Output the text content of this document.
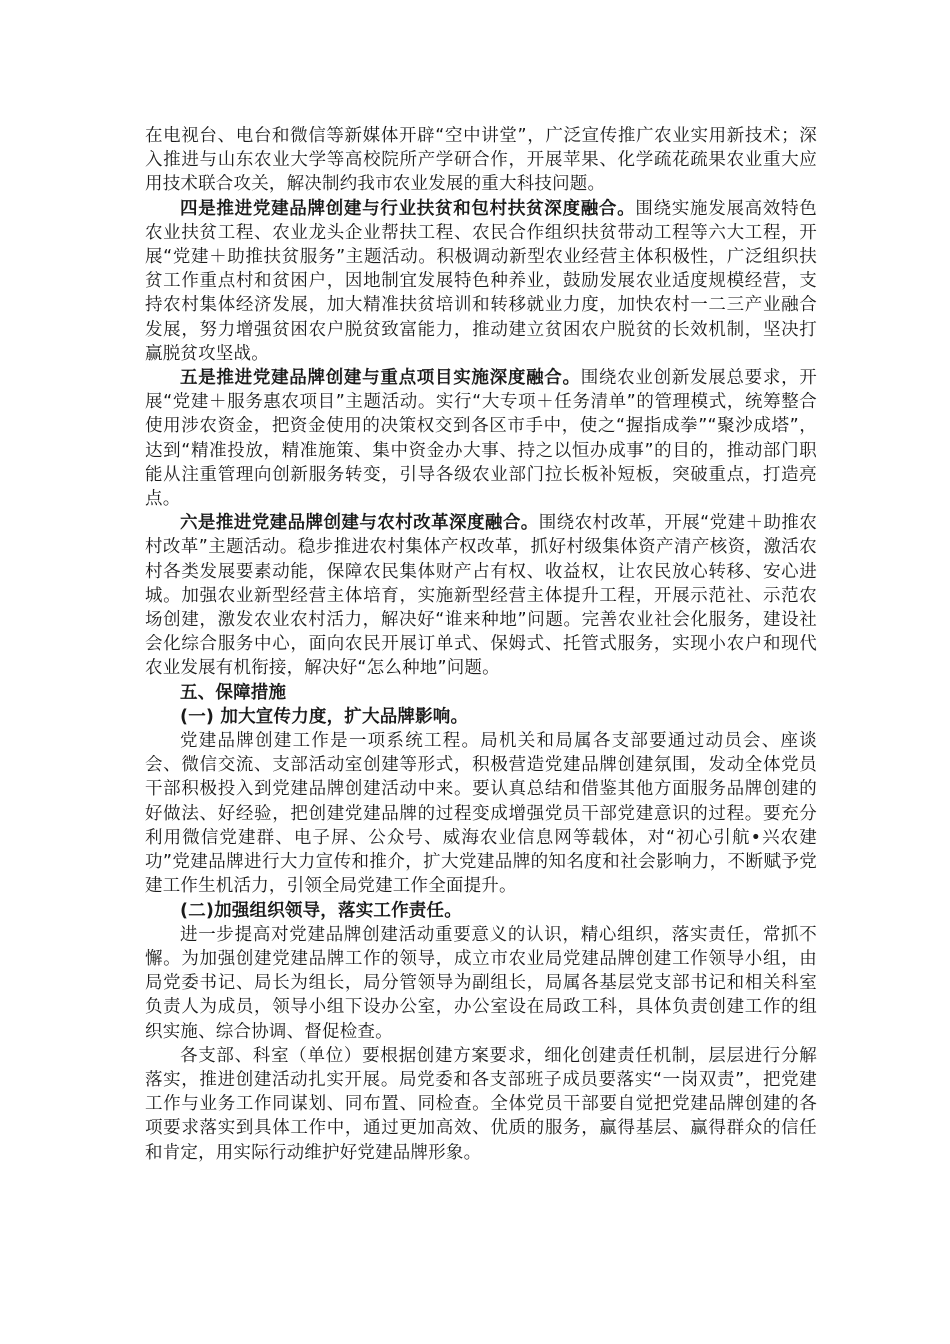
在电视台、电台和微信等新媒体开辟“空中讲堂”，广泛宣传推广农业实用新技术；深入推进与山东农业大学等高校院所产学研合作，开展苹果、化学疏花疏果农业重大应用技术联合攻关，解决制约我市农业发展的重大科技问题。

四是推进党建品牌创建与行业扶贫和包村扶贫深度融合。围绕实施发展高效特色农业扶贫工程、农业龙头企业帮扶工程、农民合作组织扶贫带动工程等六大工程，开展“党建＋助推扶贫服务”主题活动。积极调动新型农业经营主体积极性，广泛组织扶贫工作重点村和贫困户，因地制宜发展特色种养业，鼓励发展农业适度规模经营，支持农村集体经济发展，加大精准扶贫培训和转移就业力度，加快农村一二三产业融合发展，努力增强贫困农户脱贫致富能力，推动建立贫困农户脱贫的长效机制，坚决打赢脱贫攻坚战。

五是推进党建品牌创建与重点项目实施深度融合。围绕农业创新发展总要求，开展“党建＋服务惠农项目”主题活动。实行“大专项＋任务清单”的管理模式，统筹整合使用涉农资金，把资金使用的决策权交到各区市手中，使之“握指成拳”“聚沙成塔”，达到“精准投放，精准施策、集中资金办大事、持之以恒办成事”的目的，推动部门职能从注重管理向创新服务转变，引导各级农业部门拉长板补短板，突破重点，打造亮点。

六是推进党建品牌创建与农村改革深度融合。围绕农村改革，开展“党建＋助推农村改革”主题活动。稳步推进农村集体产权改革，抓好村级集体资产清产核资，激活农村各类发展要素动能，保障农民集体财产占有权、收益权，让农民放心转移、安心进城。加强农业新型经营主体培育，实施新型经营主体提升工程，开展示范社、示范农场创建，激发农业农村活力，解决好“谁来种地”问题。完善农业社会化服务，建设社会化综合服务中心，面向农民开展订单式、保姆式、托管式服务，实现小农户和现代农业发展有机衔接，解决好“怎么种地”问题。

五、保障措施

(一) 加大宣传力度，扩大品牌影响。

党建品牌创建工作是一项系统工程。局机关和局属各支部要通过动员会、座谈会、微信交流、支部活动室创建等形式，积极营造党建品牌创建氛围，发动全体党员干部积极投入到党建品牌创建活动中来。要认真总结和借鉴其他方面服务品牌创建的好做法、好经验，把创建党建品牌的过程变成增强党员干部党建意识的过程。要充分利用微信党建群、电子屏、公众号、威海农业信息网等载体，对“初心引航•兴农建功”党建品牌进行大力宣传和推介，扩大党建品牌的知名度和社会影响力，不断赋予党建工作生机活力，引领全局党建工作全面提升。

(二)加强组织领导，落实工作责任。

进一步提高对党建品牌创建活动重要意义的认识，精心组织，落实责任，常抓不懈。为加强创建党建品牌工作的领导，成立市农业局党建品牌创建工作领导小组，由局党委书记、局长为组长，局分管领导为副组长，局属各基层党支部书记和相关科室负责人为成员，领导小组下设办公室，办公室设在局政工科，具体负责创建工作的组织实施、综合协调、督促检查。

各支部、科室（单位）要根据创建方案要求，细化创建责任机制，层层进行分解落实，推进创建活动扎实开展。局党委和各支部班子成员要落实“一岗双责”，把党建工作与业务工作同谋划、同布置、同检查。全体党员干部要自觉把党建品牌创建的各项要求落实到具体工作中，通过更加高效、优质的服务，赢得基层、赢得群众的信任和肯定，用实际行动维护好党建品牌形象。
